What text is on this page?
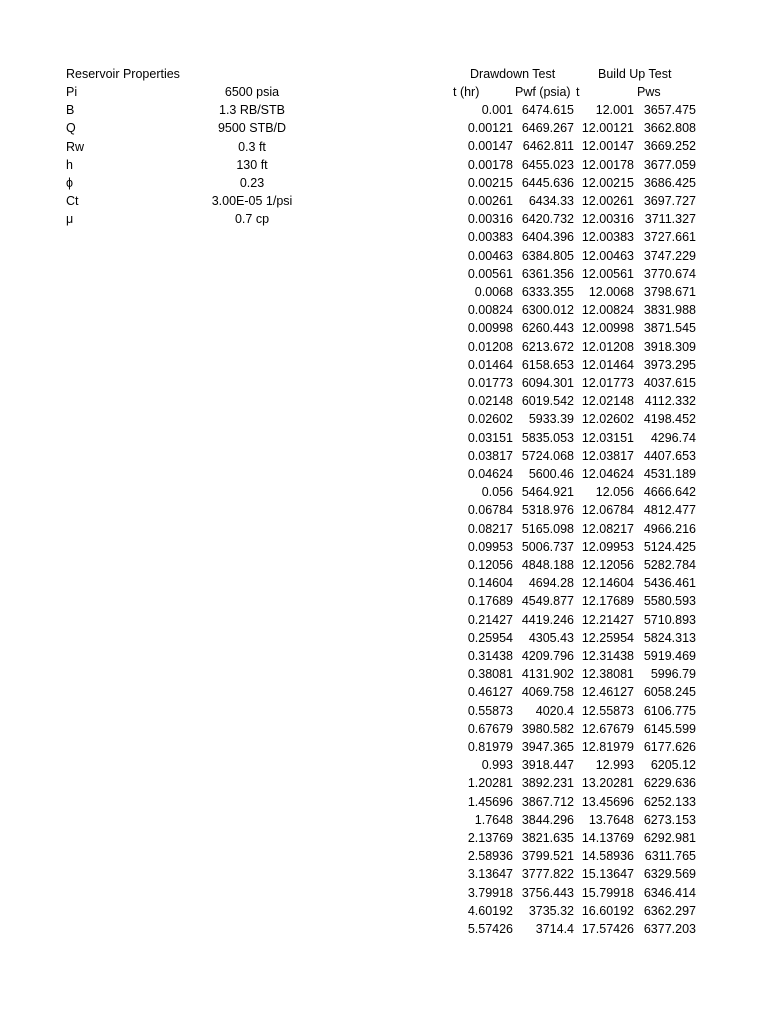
Reservoir Properties	Drawdown Test	Build Up Test
t (hr)	Pwf (psia) t	Pws
Pi	6500 psia
B	1.3 RB/STB
Q	9500 STB/D
Rw	0.3 ft
h	130 ft
ϕ	0.23
Ct	3.00E-05 1/psi
μ	0.7 cp
0.001 6474.615 12.001 3657.475
0.00121 6469.267 12.00121 3662.808
0.00147 6462.811 12.00147 3669.252
0.00178 6455.023 12.00178 3677.059
0.00215 6445.636 12.00215 3686.425
0.00261 6434.33 12.00261 3697.727
0.00316 6420.732 12.00316 3711.327
0.00383 6404.396 12.00383 3727.661
0.00463 6384.805 12.00463 3747.229
0.00561 6361.356 12.00561 3770.674
0.0068 6333.355 12.0068 3798.671
0.00824 6300.012 12.00824 3831.988
0.00998 6260.443 12.00998 3871.545
0.01208 6213.672 12.01208 3918.309
0.01464 6158.653 12.01464 3973.295
0.01773 6094.301 12.01773 4037.615
0.02148 6019.542 12.02148 4112.332
0.02602 5933.39 12.02602 4198.452
0.03151 5835.053 12.03151 4296.74
0.03817 5724.068 12.03817 4407.653
0.04624 5600.46 12.04624 4531.189
0.056 5464.921 12.056 4666.642
0.06784 5318.976 12.06784 4812.477
0.08217 5165.098 12.08217 4966.216
0.09953 5006.737 12.09953 5124.425
0.12056 4848.188 12.12056 5282.784
0.14604 4694.28 12.14604 5436.461
0.17689 4549.877 12.17689 5580.593
0.21427 4419.246 12.21427 5710.893
0.25954 4305.43 12.25954 5824.313
0.31438 4209.796 12.31438 5919.469
0.38081 4131.902 12.38081 5996.79
0.46127 4069.758 12.46127 6058.245
0.55873 4020.4 12.55873 6106.775
0.67679 3980.582 12.67679 6145.599
0.81979 3947.365 12.81979 6177.626
0.993 3918.447 12.993 6205.12
1.20281 3892.231 13.20281 6229.636
1.45696 3867.712 13.45696 6252.133
1.7648 3844.296 13.7648 6273.153
2.13769 3821.635 14.13769 6292.981
2.58936 3799.521 14.58936 6311.765
3.13647 3777.822 15.13647 6329.569
3.79918 3756.443 15.79918 6346.414
4.60192 3735.32 16.60192 6362.297
5.57426 3714.4 17.57426 6377.203
